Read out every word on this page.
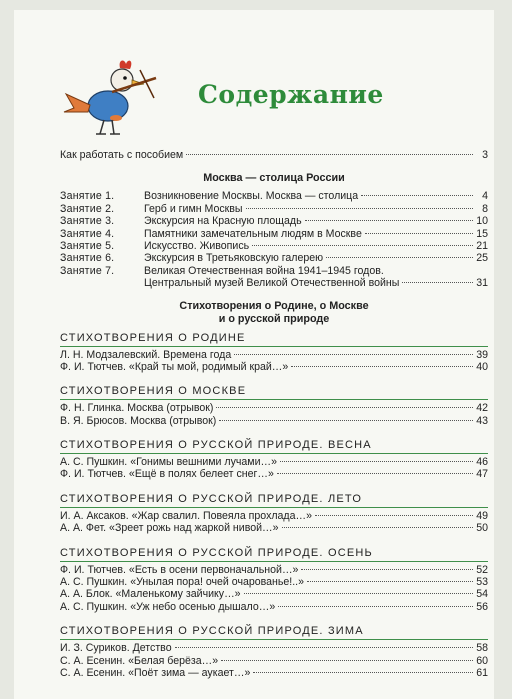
Содержание
Как работать с пособием	3
Москва — столица России
Занятие 1.	Возникновение Москвы. Москва — столица	4
Занятие 2.	Герб и гимн Москвы	8
Занятие 3.	Экскурсия на Красную площадь	10
Занятие 4.	Памятники замечательным людям в Москве	15
Занятие 5.	Искусство. Живопись	21
Занятие 6.	Экскурсия в Третьяковскую галерею	25
Занятие 7.	Великая Отечественная война 1941–1945 годов.
Центральный музей Великой Отечественной войны	31
Стихотворения о Родине, о Москве
и о русской природе
СТИХОТВОРЕНИЯ О РОДИНЕ
Л. Н. Модзалевский. Времена года	39
Ф. И. Тютчев. «Край ты мой, родимый край…»	40
СТИХОТВОРЕНИЯ О МОСКВЕ
Ф. Н. Глинка. Москва (отрывок)	42
В. Я. Брюсов. Москва (отрывок)	43
СТИХОТВОРЕНИЯ О РУССКОЙ ПРИРОДЕ. ВЕСНА
А. С. Пушкин. «Гонимы вешними лучами…»	46
Ф. И. Тютчев. «Ещё в полях белеет снег…»	47
СТИХОТВОРЕНИЯ О РУССКОЙ ПРИРОДЕ. ЛЕТО
И. А. Аксаков. «Жар свалил. Повеяла прохлада…»	49
А. А. Фет. «Зреет рожь над жаркой нивой…»	50
СТИХОТВОРЕНИЯ О РУССКОЙ ПРИРОДЕ. ОСЕНЬ
Ф. И. Тютчев. «Есть в осени первоначальной…»	52
А. С. Пушкин. «Унылая пора! очей очарованье!..»	53
А. А. Блок. «Маленькому зайчику…»	54
А. С. Пушкин. «Уж небо осенью дышало…»	56
СТИХОТВОРЕНИЯ О РУССКОЙ ПРИРОДЕ. ЗИМА
И. З. Суриков. Детство	58
С. А. Есенин. «Белая берёза…»	60
С. А. Есенин. «Поёт зима — аукает…»	61
